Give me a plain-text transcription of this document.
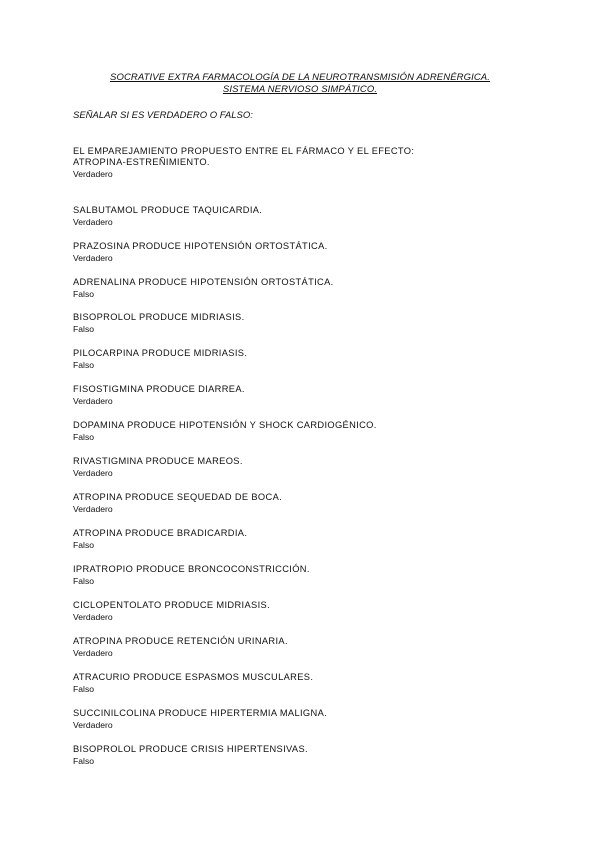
SOCRATIVE EXTRA FARMACOLOGÍA DE LA NEUROTRANSMISIÓN ADRENÉRGICA.
SISTEMA NERVIOSO SIMPÁTICO.
SEÑALAR SI ES VERDADERO O FALSO:
EL EMPAREJAMIENTO PROPUESTO ENTRE EL FÁRMACO Y EL EFECTO:
ATROPINA-ESTREÑIMIENTO.
Verdadero
SALBUTAMOL PRODUCE TAQUICARDIA.
Verdadero
PRAZOSINA PRODUCE HIPOTENSIÓN ORTOSTÁTICA.
Verdadero
ADRENALINA PRODUCE HIPOTENSIÓN ORTOSTÁTICA.
Falso
BISOPROLOL PRODUCE MIDRIASIS.
Falso
PILOCARPINA PRODUCE MIDRIASIS.
Falso
FISOSTIGMINA PRODUCE DIARREA.
Verdadero
DOPAMINA PRODUCE HIPOTENSIÓN Y SHOCK CARDIOGÉNICO.
Falso
RIVASTIGMINA PRODUCE MAREOS.
Verdadero
ATROPINA PRODUCE SEQUEDAD DE BOCA.
Verdadero
ATROPINA PRODUCE BRADICARDIA.
Falso
IPRATROPIO PRODUCE BRONCOCONSTRICCIÓN.
Falso
CICLOPENTOLATO PRODUCE MIDRIASIS.
Verdadero
ATROPINA PRODUCE RETENCIÓN URINARIA.
Verdadero
ATRACURIO PRODUCE ESPASMOS MUSCULARES.
Falso
SUCCINILCOLINA PRODUCE HIPERTERMIA MALIGNA.
Verdadero
BISOPROLOL PRODUCE CRISIS HIPERTENSIVAS.
Falso
